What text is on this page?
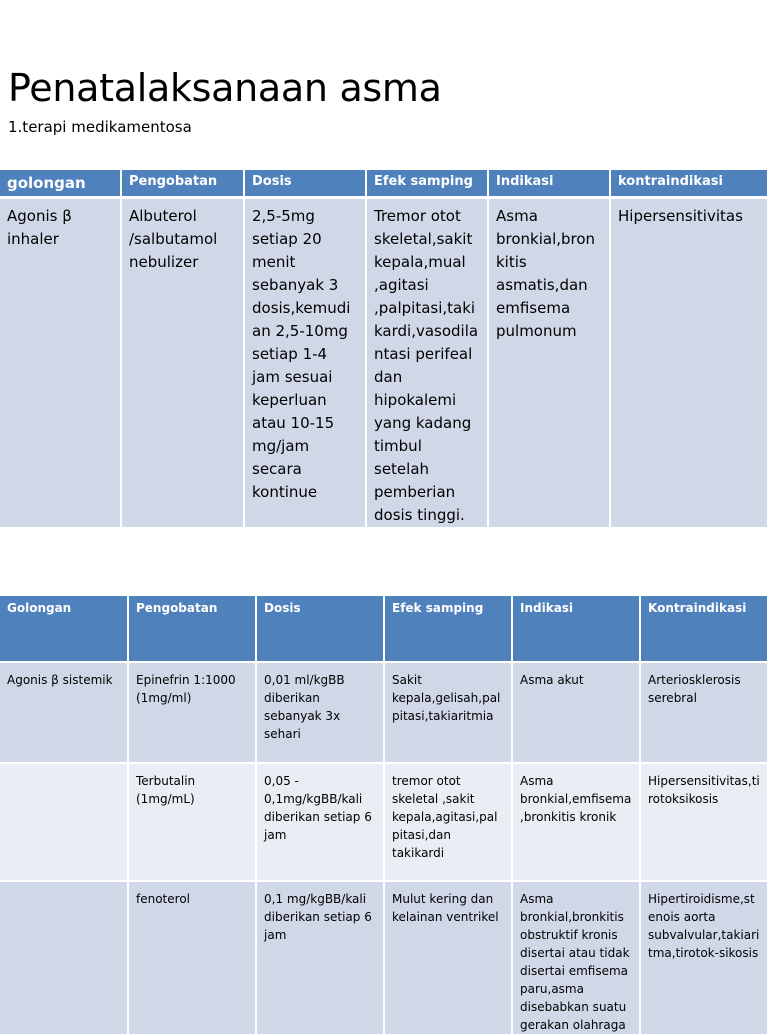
Penatalaksanaan asma
1.terapi medikamentosa
golongan	Pengobatan	Dosis	Efek samping	Indikasi	kontraindikasi
Agonis β inhaler	Albuterol /salbutamol nebulizer	2,5-5mg setiap 20 menit sebanyak 3 dosis,kemudian 2,5-10mg setiap 1-4 jam sesuai keperluan atau 10-15 mg/jam secara kontinue	Tremor otot skeletal,sakit kepala,mual ,agitasi ,palpitasi,takikardi,vasodilantasi perifeal dan hipokalemi yang kadang timbul setelah pemberian dosis tinggi.	Asma bronkial,bronkitis asmatis,dan emfisema pulmonum	Hipersensitivitas
Golongan	Pengobatan	Dosis	Efek samping	Indikasi	Kontraindikasi
Agonis β sistemik	Epinefrin 1:1000 (1mg/ml)	0,01 ml/kgBB diberikan sebanyak 3x sehari	Sakit kepala,gelisah,palpitasi,takiaritmia	Asma akut	Arteriosklerosis serebral
	Terbutalin (1mg/mL)	0,05 - 0,1mg/kgBB/kali diberikan setiap 6 jam	tremor otot skeletal ,sakit kepala,agitasi,palpitasi,dan takikardi	Asma bronkial,emfisema,bronkitis kronik	Hipersensitivitas,tirotoksikosis
	fenoterol	0,1 mg/kgBB/kali diberikan setiap 6 jam	Mulut kering dan kelainan ventrikel	Asma bronkial,bronkitis obstruktif kronis disertai atau tidak disertai emfisema paru,asma disebabkan suatu gerakan olahraga	Hipertiroidisme,stenois aorta subvalvular,takiaritma,tirotok-sikosis
